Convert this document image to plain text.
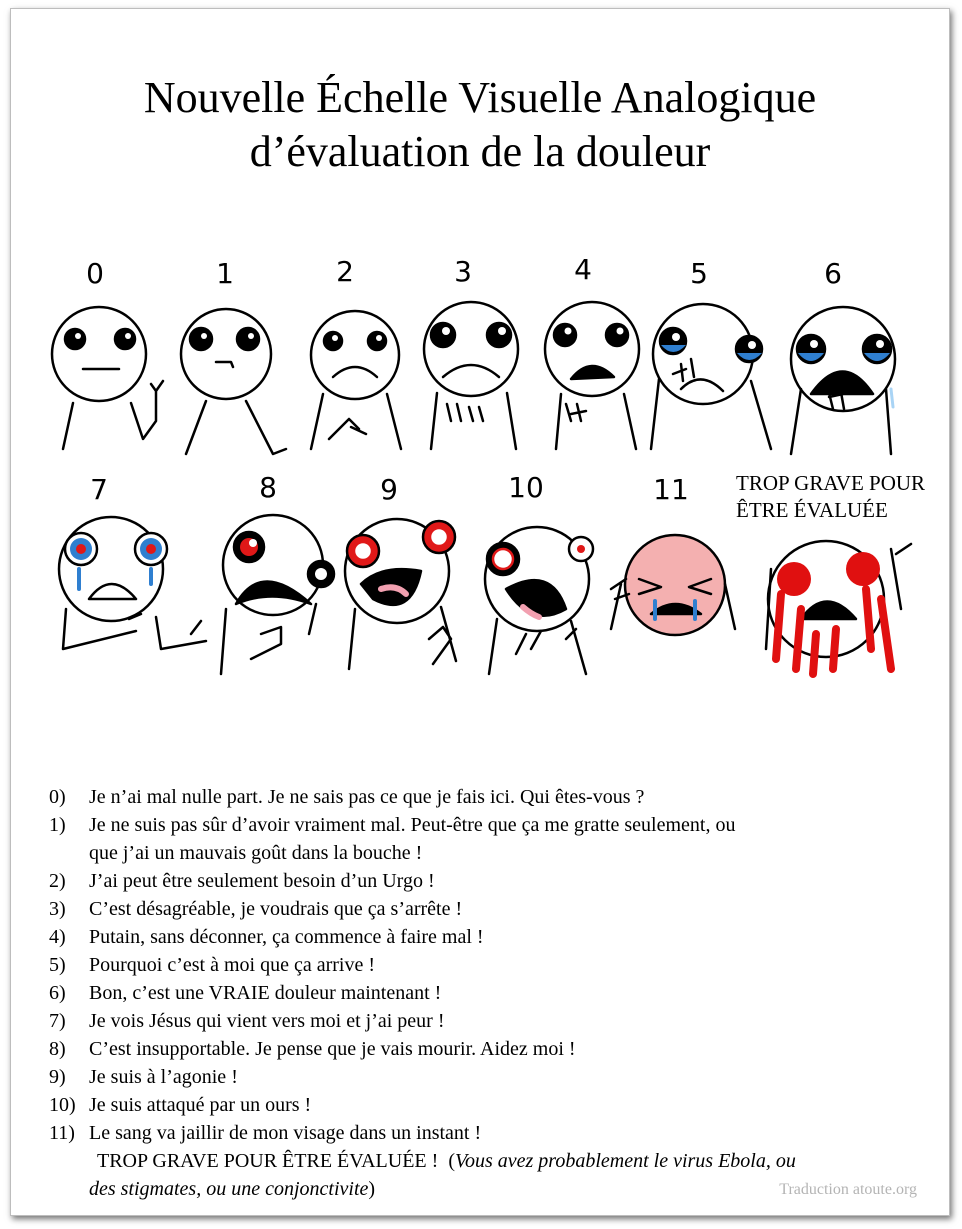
Nouvelle Échelle Visuelle Analogique
d’évaluation de la douleur
0	1	2	3	4	5	6
7	8	9	10	11 TROP GRAVE POUR
ÊTRE ÉVALUÉE
0)	Je n’ai mal nulle part. Je ne sais pas ce que je fais ici. Qui êtes-vous ?
1)	Je ne suis pas sûr d’avoir vraiment mal. Peut-être que ça me gratte seulement, ou
que j’ai un mauvais goût dans la bouche !
2)	J’ai peut être seulement besoin d’un Urgo !
3)	C’est désagréable, je voudrais que ça s’arrête !
4)	Putain, sans déconner, ça commence à faire mal !
5)	Pourquoi c’est à moi que ça arrive !
6)	Bon, c’est une VRAIE douleur maintenant !
7)	Je vois Jésus qui vient vers moi et j’ai peur !
8)	C’est insupportable. Je pense que je vais mourir. Aidez moi !
9)	Je suis à l’agonie !
10) Je suis attaqué par un ours !
11) Le sang va jaillir de mon visage dans un instant !
TROP GRAVE POUR ÊTRE ÉVALUÉE ! (Vous avez probablement le virus Ebola, ou
des stigmates, ou une conjonctivite)	Traduction atoute.org
